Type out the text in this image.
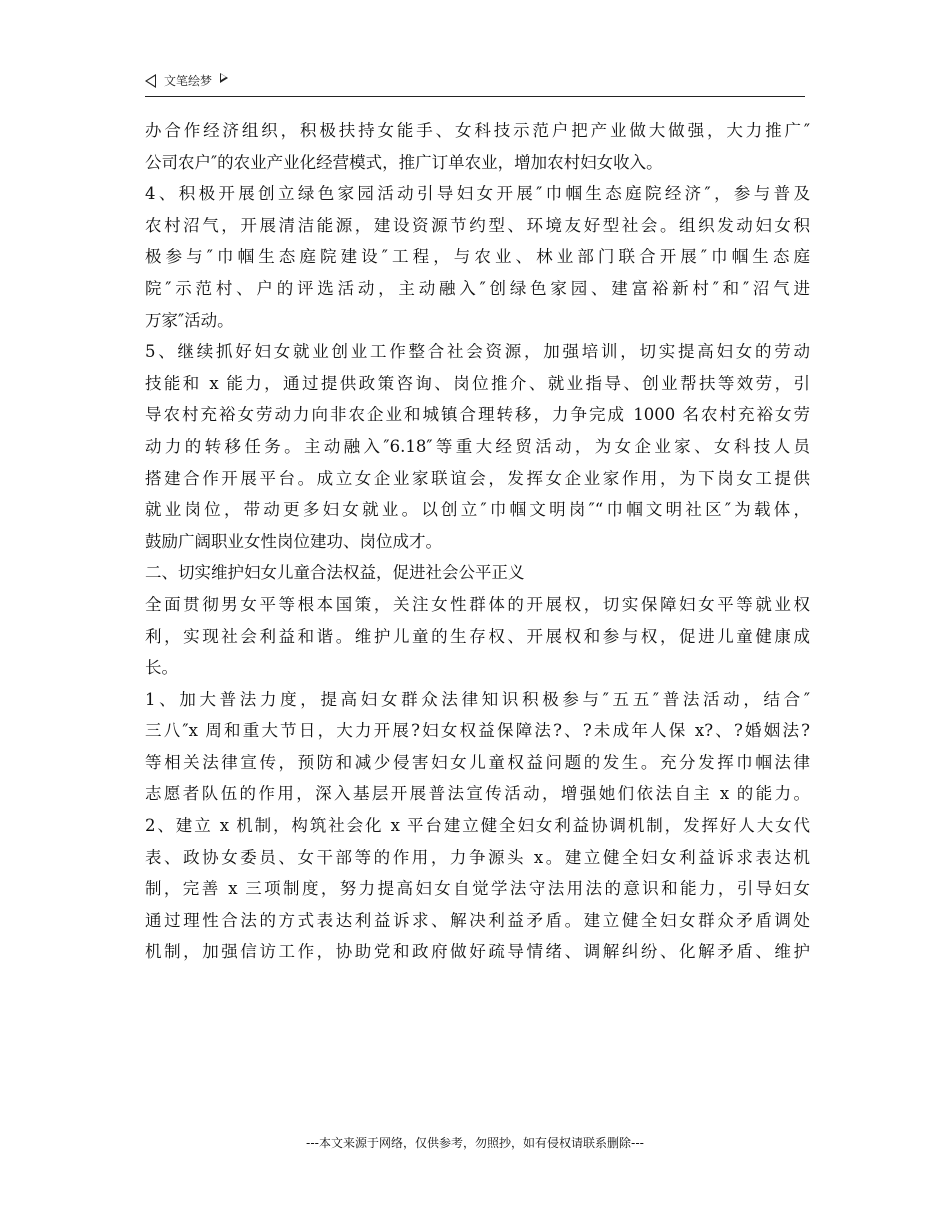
文笔绘梦
办合作经济组织，积极扶持女能手、女科技示范户把产业做大做强，大力推广″
公司农户″的农业产业化经营模式，推广订单农业，增加农村妇女收入。
4、积极开展创立绿色家园活动引导妇女开展″巾帼生态庭院经济″，参与普及
农村沼气，开展清洁能源，建设资源节约型、环境友好型社会。组织发动妇女积
极参与″巾帼生态庭院建设″工程，与农业、林业部门联合开展″巾帼生态庭
院″示范村、户的评选活动，主动融入″创绿色家园、建富裕新村″和″沼气进
万家″活动。
5、继续抓好妇女就业创业工作整合社会资源，加强培训，切实提高妇女的劳动
技能和 x 能力，通过提供政策咨询、岗位推介、就业指导、创业帮扶等效劳，引
导农村充裕女劳动力向非农企业和城镇合理转移，力争完成 1000 名农村充裕女劳
动力的转移任务。主动融入″6.18″等重大经贸活动，为女企业家、女科技人员
搭建合作开展平台。成立女企业家联谊会，发挥女企业家作用，为下岗女工提供
就业岗位，带动更多妇女就业。以创立″巾帼文明岗″“巾帼文明社区″为载体，
鼓励广阔职业女性岗位建功、岗位成才。
二、切实维护妇女儿童合法权益，促进社会公平正义
全面贯彻男女平等根本国策，关注女性群体的开展权，切实保障妇女平等就业权
利，实现社会利益和谐。维护儿童的生存权、开展权和参与权，促进儿童健康成
长。
1、加大普法力度，提高妇女群众法律知识积极参与″五五″普法活动，结合″
三八″x 周和重大节日，大力开展?妇女权益保障法?、?未成年人保 x?、?婚姻法?
等相关法律宣传，预防和减少侵害妇女儿童权益问题的发生。充分发挥巾帼法律
志愿者队伍的作用，深入基层开展普法宣传活动，增强她们依法自主 x 的能力。
2、建立 x 机制，构筑社会化 x 平台建立健全妇女利益协调机制，发挥好人大女代
表、政协女委员、女干部等的作用，力争源头 x。建立健全妇女利益诉求表达机
制，完善 x 三项制度，努力提高妇女自觉学法守法用法的意识和能力，引导妇女
通过理性合法的方式表达利益诉求、解决利益矛盾。建立健全妇女群众矛盾调处
机制，加强信访工作，协助党和政府做好疏导情绪、调解纠纷、化解矛盾、维护
---本文来源于网络，仅供参考，勿照抄，如有侵权请联系删除---
